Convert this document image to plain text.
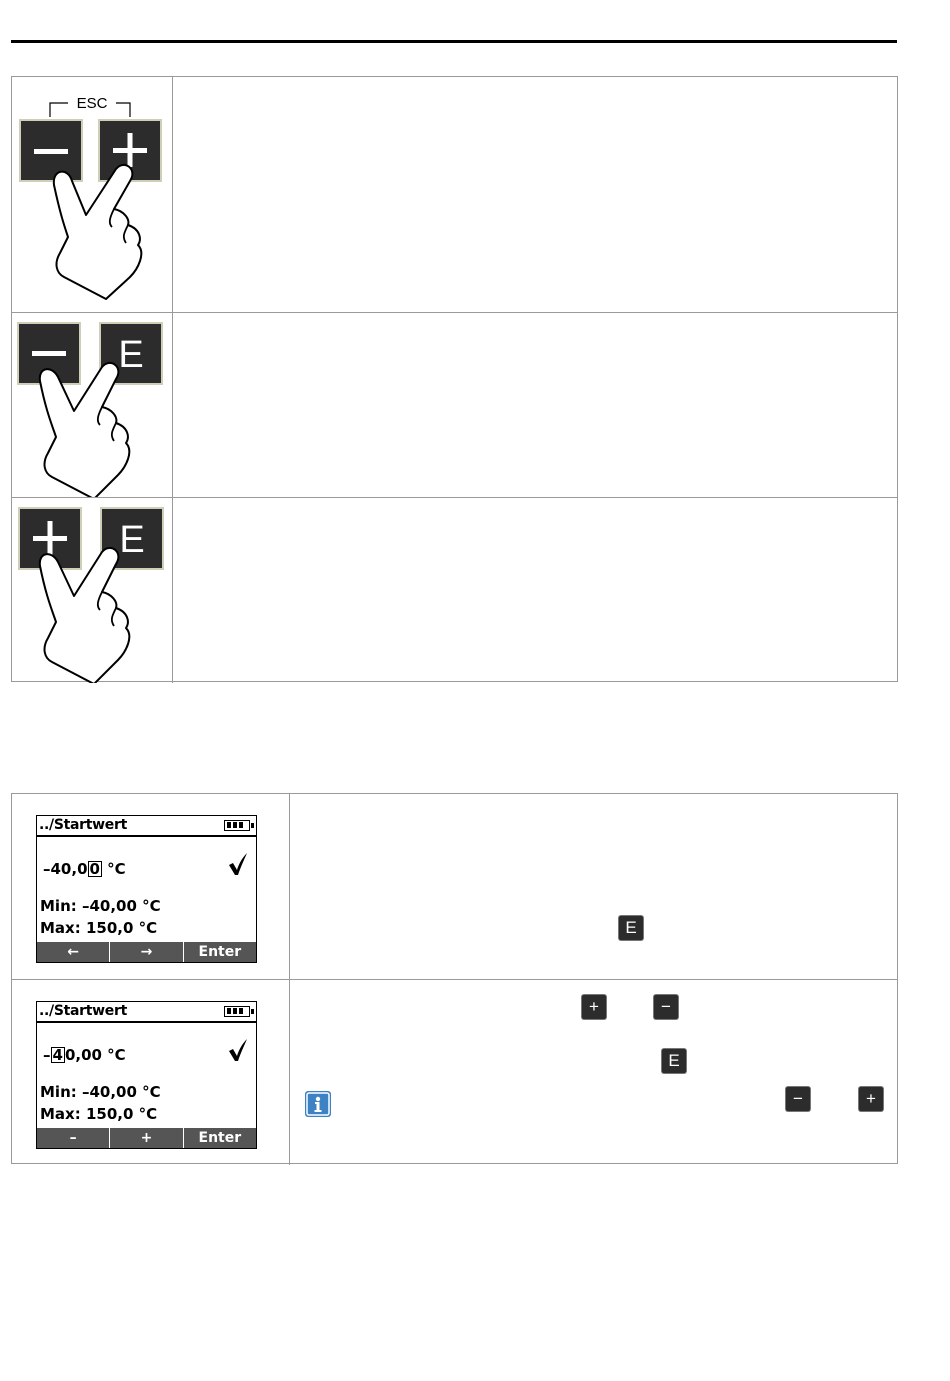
ESC
E
E
../Startwert
–40,0 0 °C
Min: –40,00 °C
Max: 150,0 °C
←	→	Enter
E
../Startwert
– 4 0,00 °C
Min: –40,00 °C
Max: 150,0 °C
–	+	Enter
+	−
E
−	+
